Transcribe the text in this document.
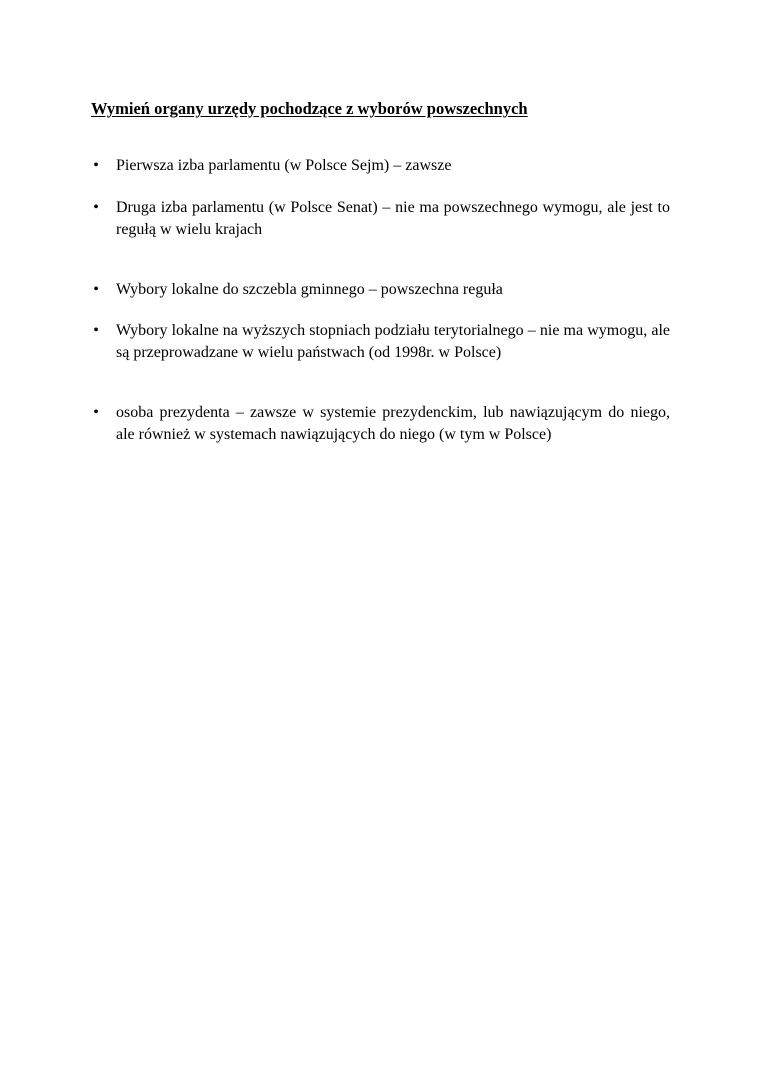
Wymień organy urzędy pochodzące z wyborów powszechnych
• Pierwsza izba parlamentu (w Polsce Sejm) – zawsze

• Druga izba parlamentu (w Polsce Senat) – nie ma powszechnego wymogu, ale jest to regułą w wielu krajach

• Wybory lokalne do szczebla gminnego – powszechna reguła

• Wybory lokalne na wyższych stopniach podziału terytorialnego – nie ma wymogu, ale są przeprowadzane w wielu państwach (od 1998r. w Polsce)

• osoba prezydenta – zawsze w systemie prezydenckim, lub nawiązującym do niego, ale również w systemach nawiązujących do niego (w tym w Polsce)
